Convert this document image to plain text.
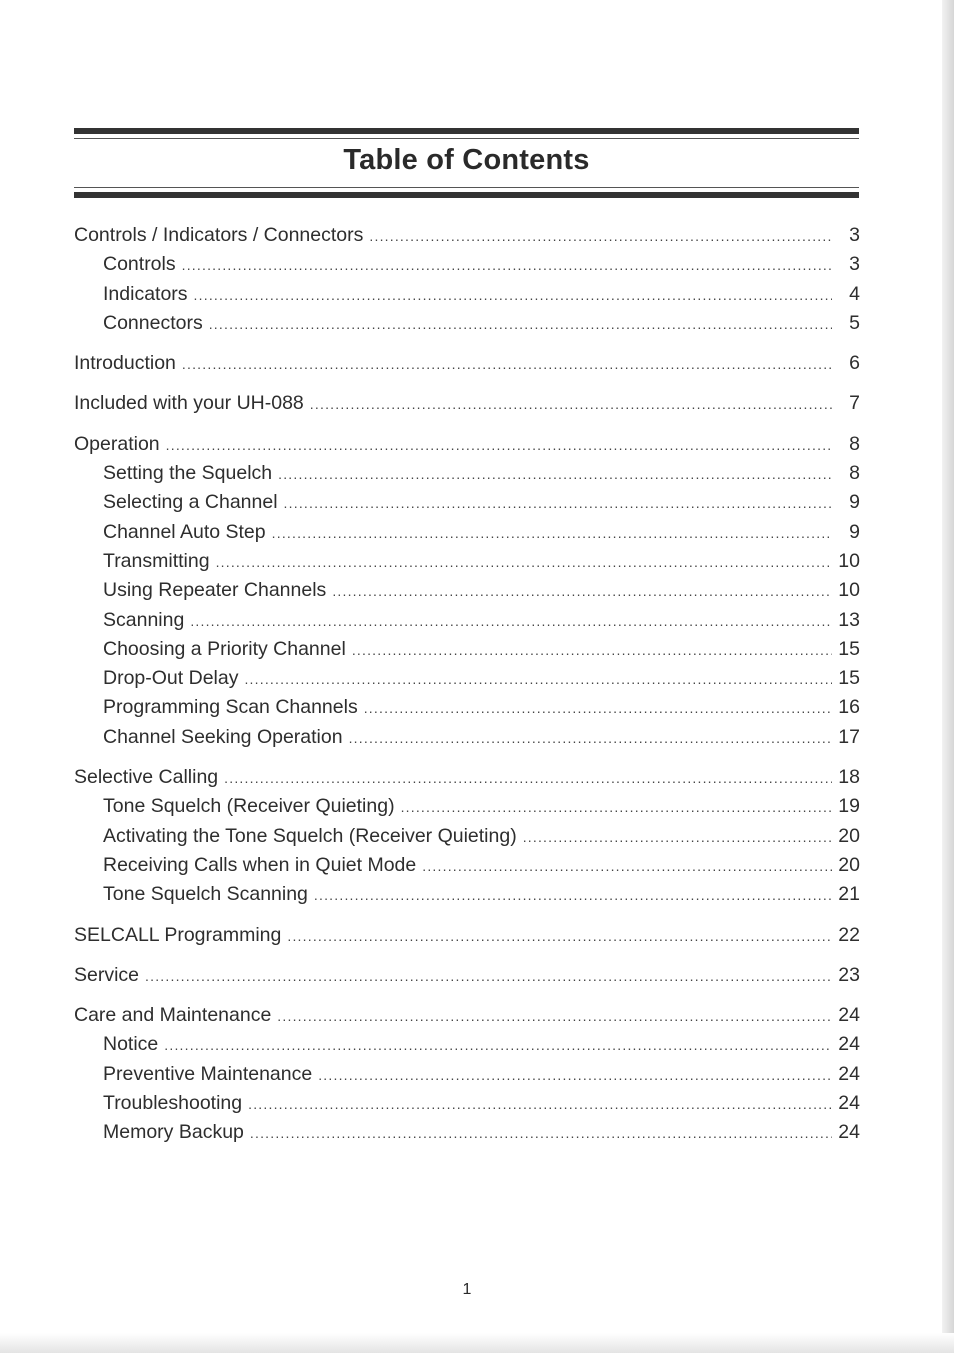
Table of Contents
Controls / Indicators / Connectors .....	3
Controls .....	3
Indicators .....	4
Connectors .....	5
Introduction .....	6
Included with your UH-088 .....	7
Operation .....	8
Setting the Squelch .....	8
Selecting a Channel .....	9
Channel Auto Step .....	9
Transmitting .....	10
Using Repeater Channels .....	10
Scanning .....	13
Choosing a Priority Channel .....	15
Drop-Out Delay .....	15
Programming Scan Channels .....	16
Channel Seeking Operation .....	17
Selective Calling .....	18
Tone Squelch (Receiver Quieting) .....	19
Activating the Tone Squelch (Receiver Quieting) .....	20
Receiving Calls when in Quiet Mode .....	20
Tone Squelch Scanning .....	21
SELCALL Programming .....	22
Service .....	23
Care and Maintenance .....	24
Notice .....	24
Preventive Maintenance .....	24
Troubleshooting .....	24
Memory Backup .....	24
1
